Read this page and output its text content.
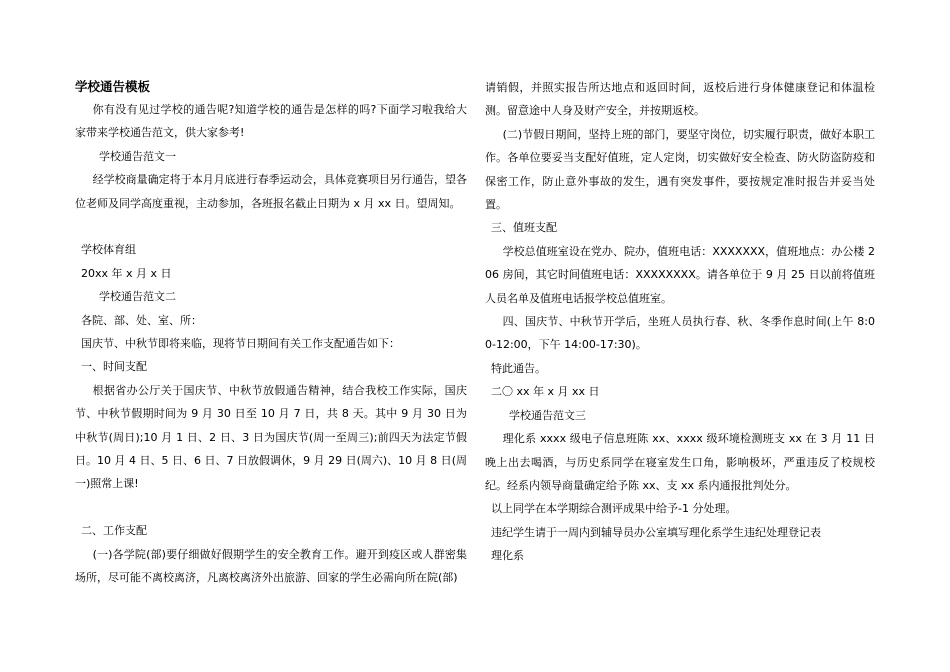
学校通告模板
你有没有见过学校的通告呢?知道学校的通告是怎样的吗?下面学习啦我给大家带来学校通告范文，供大家参考!
学校通告范文一
经学校商量确定将于本月月底进行春季运动会，具体竞赛项目另行通告，望各位老师及同学高度重视，主动参加，各班报名截止日期为 x 月 xx 日。望周知。
学校体育组
20xx 年 x 月 x 日
学校通告范文二
各院、部、处、室、所：
国庆节、中秋节即将来临，现将节日期间有关工作支配通告如下：
一、时间支配
根据省办公厅关于国庆节、中秋节放假通告精神，结合我校工作实际，国庆节、中秋节假期时间为 9 月 30 日至 10 月 7 日，共 8 天。其中 9 月 30 日为中秋节(周日);10 月 1 日、2 日、3 日为国庆节(周一至周三);前四天为法定节假日。10 月 4 日、5 日、6 日、7 日放假调休，9 月 29 日(周六)、10 月 8 日(周一)照常上课!
二、工作支配
(一)各学院(部)要仔细做好假期学生的安全教育工作。避开到疫区或人群密集场所，尽可能不离校离济，凡离校离济外出旅游、回家的学生必需向所在院(部)
请销假，并照实报告所达地点和返回时间，返校后进行身体健康登记和体温检测。留意途中人身及财产安全，并按期返校。
(二)节假日期间，坚持上班的部门，要坚守岗位，切实履行职责，做好本职工作。各单位要妥当支配好值班，定人定岗，切实做好安全检查、防火防盗防疫和保密工作，防止意外事故的发生，遇有突发事件，要按规定准时报告并妥当处置。
三、值班支配
学校总值班室设在党办、院办，值班电话：XXXXXXX，值班地点：办公楼 206 房间，其它时间值班电话：XXXXXXXX。请各单位于 9 月 25 日以前将值班人员名单及值班电话报学校总值班室。
四、国庆节、中秋节开学后，坐班人员执行春、秋、冬季作息时间(上午 8:00-12:00，下午 14:00-17:30)。
特此通告。
二〇 xx 年 x 月 xx 日
学校通告范文三
理化系 xxxx 级电子信息班陈 xx、xxxx 级环境检测班支 xx 在 3 月 11 日晚上出去喝酒，与历史系同学在寝室发生口角，影响极坏，严重违反了校规校纪。经系内领导商量确定给予陈 xx、支 xx 系内通报批判处分。
以上同学在本学期综合测评成果中给予-1 分处理。
违纪学生请于一周内到辅导员办公室填写理化系学生违纪处理登记表
理化系
